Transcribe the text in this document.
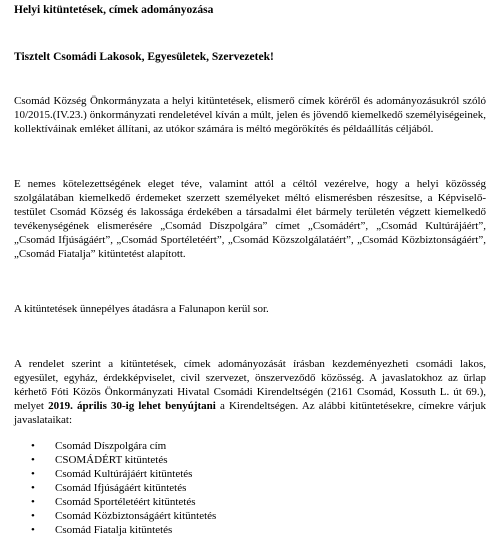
Helyi kitüntetések, címek adományozása

Tisztelt Csomádi Lakosok, Egyesületek, Szervezetek!

Csomád Község Önkormányzata a helyi kitüntetések, elismerő címek köréről és adományozásukról szóló 10/2015.(IV.23.) önkormányzati rendeletével kíván a múlt, jelen és jövendő kiemelkedő személyiségeinek, kollektíváinak emléket állítani, az utókor számára is méltó megörökítés és példaállítás céljából.

E nemes kötelezettségének eleget téve, valamint attól a céltól vezérelve, hogy a helyi közösség szolgálatában kiemelkedő érdemeket szerzett személyeket méltó elismerésben részesítse, a Képviselő-testület Csomád Község és lakossága érdekében a társadalmi élet bármely területén végzett kiemelkedő tevékenységének elismerésére „Csomád Díszpolgára” címet „Csomádért”, „Csomád Kultúrájáért”, „Csomád Ifjúságáért”, „Csomád Sportéletéért”, „Csomád Közszolgálatáért”, „Csomád Közbiztonságáért”, „Csomád Fiatalja” kitüntetést alapított.

A kitüntetések ünnepélyes átadásra a Falunapon kerül sor.

A rendelet szerint a kitüntetések, címek adományozását írásban kezdeményezheti csomádi lakos, egyesület, egyház, érdekképviselet, civil szervezet, önszerveződő közösség. A javaslatokhoz az űrlap kérhető Fóti Közös Önkormányzati Hivatal Csomádi Kirendeltségén (2161 Csomád, Kossuth L. út 69.), melyet 2019. április 30-ig lehet benyújtani a Kirendeltségen. Az alábbi kitüntetésekre, címekre várjuk javaslataikat:

•	Csomád Díszpolgára cím
•	CSOMÁDÉRT kitüntetés
•	Csomád Kultúrájáért kitüntetés
•	Csomád Ifjúságáért kitüntetés
•	Csomád Sportéletéért kitüntetés
•	Csomád Közbiztonságáért kitüntetés
•	Csomád Fiatalja kitüntetés
